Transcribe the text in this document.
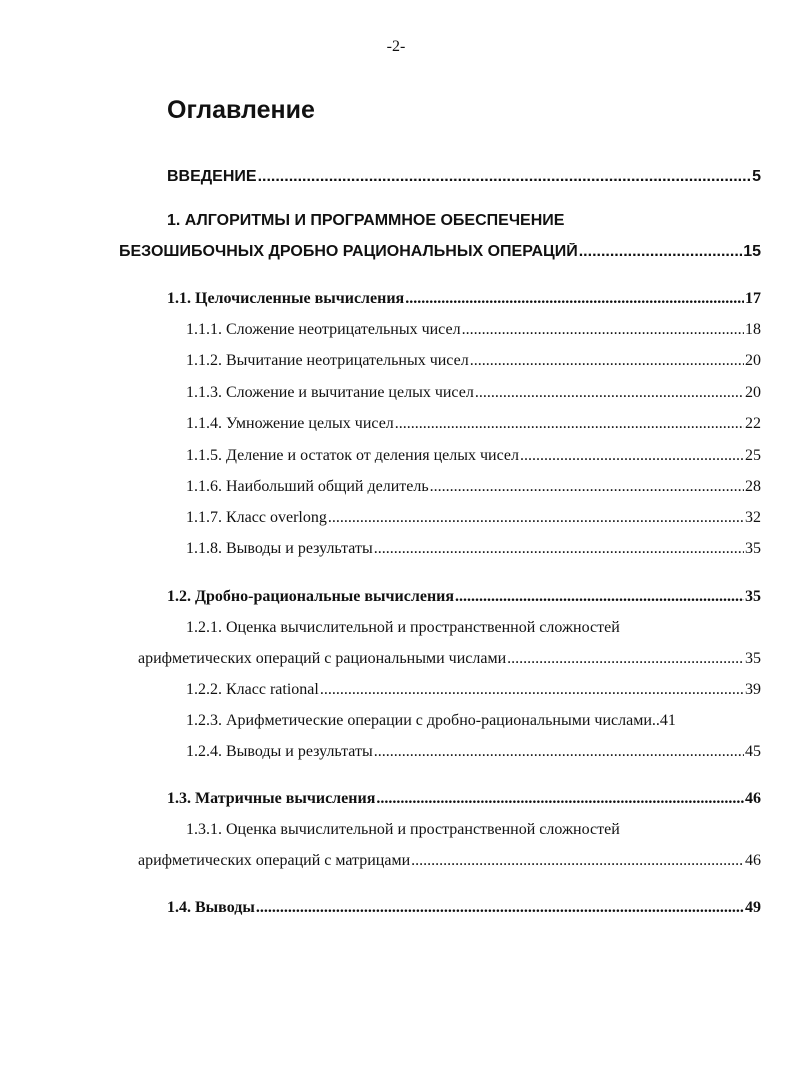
-2-
Оглавление
ВВЕДЕНИЕ .....	5
1. АЛГОРИТМЫ И ПРОГРАММНОЕ ОБЕСПЕЧЕНИЕ
БЕЗОШИБОЧНЫХ ДРОБНО РАЦИОНАЛЬНЫХ ОПЕРАЦИЙ .....	15
1.1. Целочисленные вычисления .....	17
1.1.1. Сложение неотрицательных чисел .....	18
1.1.2. Вычитание неотрицательных чисел .....	20
1.1.3. Сложение и вычитание целых чисел .....	20
1.1.4. Умножение целых чисел .....	22
1.1.5. Деление и остаток от деления целых чисел .....	25
1.1.6. Наибольший общий делитель .....	28
1.1.7. Класс overlong .....	32
1.1.8. Выводы и результаты .....	35
1.2. Дробно-рациональные вычисления .....	35
1.2.1. Оценка вычислительной и пространственной сложностей
арифметических операций с рациональными числами .....	35
1.2.2. Класс rational .....	39
1.2.3. Арифметические операции с дробно-рациональными числами.. 41
1.2.4. Выводы и результаты .....	45
1.3. Матричные вычисления .....	46
1.3.1. Оценка вычислительной и пространственной сложностей
арифметических операций с матрицами .....	46
1.4. Выводы .....	49
